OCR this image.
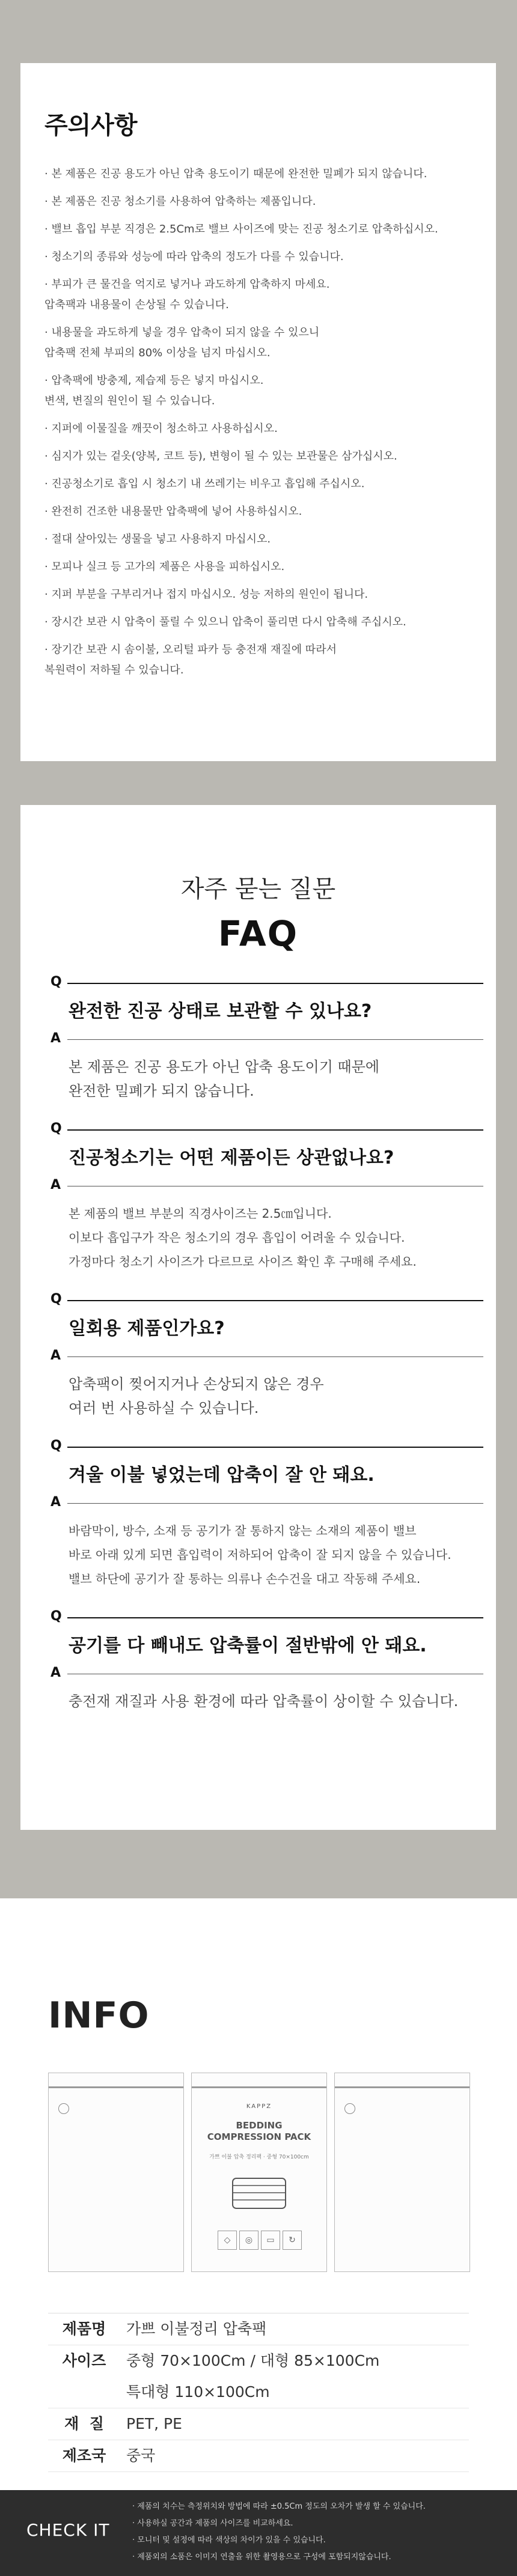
주의사항
· 본 제품은 진공 용도가 아닌 압축 용도이기 때문에 완전한 밀폐가 되지 않습니다.
· 본 제품은 진공 청소기를 사용하여 압축하는 제품입니다.
· 밸브 흡입 부분 직경은 2.5Cm로 밸브 사이즈에 맞는 진공 청소기로 압축하십시오.
· 청소기의 종류와 성능에 따라 압축의 정도가 다를 수 있습니다.
· 부피가 큰 물건을 억지로 넣거나 과도하게 압축하지 마세요.
압축팩과 내용물이 손상될 수 있습니다.
· 내용물을 과도하게 넣을 경우 압축이 되지 않을 수 있으니
압축팩 전체 부피의 80% 이상을 넘지 마십시오.
· 압축팩에 방충제, 제습제 등은 넣지 마십시오.
변색, 변질의 원인이 될 수 있습니다.
· 지퍼에 이물질을 깨끗이 청소하고 사용하십시오.
· 심지가 있는 겉옷(양복, 코트 등), 변형이 될 수 있는 보관물은 삼가십시오.
· 진공청소기로 흡입 시 청소기 내 쓰레기는 비우고 흡입해 주십시오.
· 완전히 건조한 내용물만 압축팩에 넣어 사용하십시오.
· 절대 살아있는 생물을 넣고 사용하지 마십시오.
· 모피나 실크 등 고가의 제품은 사용을 피하십시오.
· 지퍼 부분을 구부리거나 접지 마십시오. 성능 저하의 원인이 됩니다.
· 장시간 보관 시 압축이 풀릴 수 있으니 압축이 풀리면 다시 압축해 주십시오.
· 장기간 보관 시 솜이불, 오리털 파카 등 충전재 재질에 따라서
복원력이 저하될 수 있습니다.
자주 묻는 질문
FAQ
Q
완전한 진공 상태로 보관할 수 있나요?
A
본 제품은 진공 용도가 아닌 압축 용도이기 때문에
완전한 밀폐가 되지 않습니다.
Q
진공청소기는 어떤 제품이든 상관없나요?
A
본 제품의 밸브 부분의 직경사이즈는 2.5㎝입니다.
이보다 흡입구가 작은 청소기의 경우 흡입이 어려울 수 있습니다.
가정마다 청소기 사이즈가 다르므로 사이즈 확인 후 구매해 주세요.
Q
일회용 제품인가요?
A
압축팩이 찢어지거나 손상되지 않은 경우
여러 번 사용하실 수 있습니다.
Q
겨울 이불 넣었는데 압축이 잘 안 돼요.
A
바람막이, 방수, 소재 등 공기가 잘 통하지 않는 소재의 제품이 밸브
바로 아래 있게 되면 흡입력이 저하되어 압축이 잘 되지 않을 수 있습니다.
밸브 하단에 공기가 잘 통하는 의류나 손수건을 대고 작동해 주세요.
Q
공기를 다 빼내도 압축률이 절반밖에 안 돼요.
A
충전재 재질과 사용 환경에 따라 압축률이 상이할 수 있습니다.
INFO
KAPPZ
BEDDING
COMPRESSION PACK
가쁘 이불 압축 정리팩 · 중형 70×100cm
◇ ◎ ▭ ↻
제품명	가쁘 이불정리 압축팩
사이즈	중형 70×100Cm / 대형 85×100Cm
특대형 110×100Cm
재  질	PET, PE
제조국	중국
CHECK IT
· 제품의 치수는 측정위치와 방법에 따라 ±0.5Cm 정도의 오차가 발생 할 수 있습니다.
· 사용하실 공간과 제품의 사이즈를 비교하세요.
· 모니터 및 설정에 따라 색상의 차이가 있을 수 있습니다.
· 제품외의 소품은 이미지 연출을 위한 촬영용으로 구성에 포함되지않습니다.
